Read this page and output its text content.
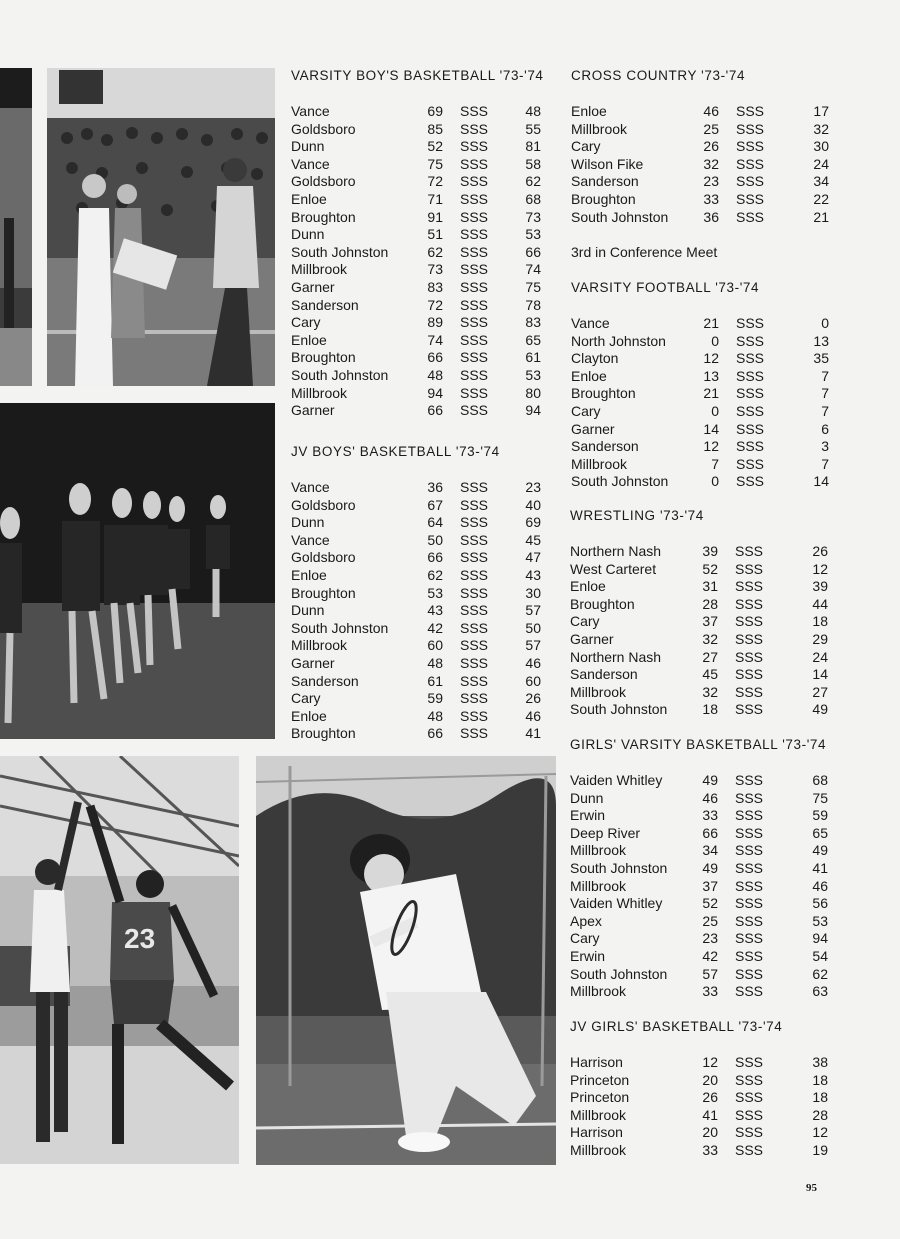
23
VARSITY BOY'S BASKETBALL '73-'74
Vance	69	SSS	48
Goldsboro	85	SSS	55
Dunn	52	SSS	81
Vance	75	SSS	58
Goldsboro	72	SSS	62
Enloe	71	SSS	68
Broughton	91	SSS	73
Dunn	51	SSS	53
South Johnston	62	SSS	66
Millbrook	73	SSS	74
Garner	83	SSS	75
Sanderson	72	SSS	78
Cary	89	SSS	83
Enloe	74	SSS	65
Broughton	66	SSS	61
South Johnston	48	SSS	53
Millbrook	94	SSS	80
Garner	66	SSS	94
JV BOYS' BASKETBALL '73-'74
Vance	36	SSS	23
Goldsboro	67	SSS	40
Dunn	64	SSS	69
Vance	50	SSS	45
Goldsboro	66	SSS	47
Enloe	62	SSS	43
Broughton	53	SSS	30
Dunn	43	SSS	57
South Johnston	42	SSS	50
Millbrook	60	SSS	57
Garner	48	SSS	46
Sanderson	61	SSS	60
Cary	59	SSS	26
Enloe	48	SSS	46
Broughton	66	SSS	41
CROSS COUNTRY '73-'74
Enloe	46	SSS	17
Millbrook	25	SSS	32
Cary	26	SSS	30
Wilson Fike	32	SSS	24
Sanderson	23	SSS	34
Broughton	33	SSS	22
South Johnston	36	SSS	21
3rd in Conference Meet
VARSITY FOOTBALL '73-'74
Vance	21	SSS	0
North Johnston	0	SSS	13
Clayton	12	SSS	35
Enloe	13	SSS	7
Broughton	21	SSS	7
Cary	0	SSS	7
Garner	14	SSS	6
Sanderson	12	SSS	3
Millbrook	7	SSS	7
South Johnston	0	SSS	14
WRESTLING '73-'74
Northern Nash	39	SSS	26
West Carteret	52	SSS	12
Enloe	31	SSS	39
Broughton	28	SSS	44
Cary	37	SSS	18
Garner	32	SSS	29
Northern Nash	27	SSS	24
Sanderson	45	SSS	14
Millbrook	32	SSS	27
South Johnston	18	SSS	49
GIRLS' VARSITY BASKETBALL '73-'74
Vaiden Whitley	49	SSS	68
Dunn	46	SSS	75
Erwin	33	SSS	59
Deep River	66	SSS	65
Millbrook	34	SSS	49
South Johnston	49	SSS	41
Millbrook	37	SSS	46
Vaiden Whitley	52	SSS	56
Apex	25	SSS	53
Cary	23	SSS	94
Erwin	42	SSS	54
South Johnston	57	SSS	62
Millbrook	33	SSS	63
JV GIRLS' BASKETBALL '73-'74
Harrison	12	SSS	38
Princeton	20	SSS	18
Princeton	26	SSS	18
Millbrook	41	SSS	28
Harrison	20	SSS	12
Millbrook	33	SSS	19
95
